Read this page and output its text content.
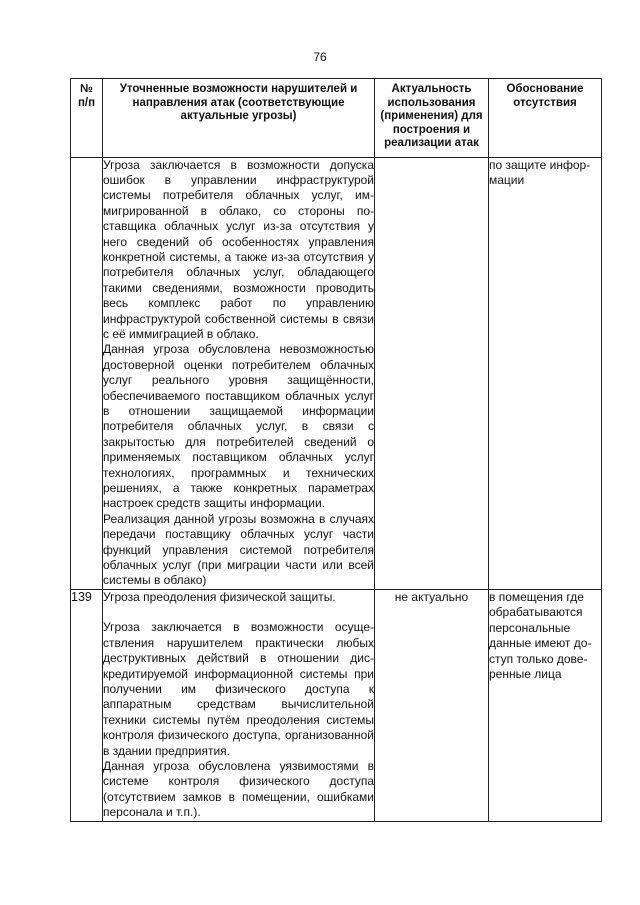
76
№ п/п	Уточненные возможности нарушителей и направления атак (соответствующие актуальные угрозы)	Актуальность использования (применения) для построения и реализации атак	Обоснование отсутствия

	Угроза заключается в возможности допуска ошибок в управлении инфраструктурой системы потребителя облачных услуг, иммигрированной в облако, со стороны поставщика облачных услуг из-за отсутствия у него сведений об особенностях управления конкретной системы, а также из-за отсутствия у потребителя облачных услуг, обладающего такими сведениями, возможности проводить весь комплекс работ по управлению инфраструктурой собственной системы в связи с её иммиграцией в облако.
Данная угроза обусловлена невозможностью достоверной оценки потребителем облачных услуг реального уровня защищённости, обеспечиваемого поставщиком облачных услуг в отношении защищаемой информации потребителя облачных услуг, в связи с закрытостью для потребителей сведений о применяемых поставщиком облачных услуг технологиях, программных и технических решениях, а также конкретных параметрах настроек средств защиты информации.
Реализация данной угрозы возможна в случаях передачи поставщику облачных услуг части функций управления системой потребителя облачных услуг (при миграции части или всей системы в облако)		по защите информации
139	Угроза преодоления физической защиты.
Угроза заключается в возможности осуществления нарушителем практически любых деструктивных действий в отношении дискредитируемой информационной системы при получении им физического доступа к аппаратным средствам вычислительной техники системы путём преодоления системы контроля физического доступа, организованной в здании предприятия.
Данная угроза обусловлена уязвимостями в системе контроля физического доступа (отсутствием замков в помещении, ошибками персонала и т.п.).	не актуально	в помещения где обрабатываются персональные данные имеют доступ только доверенные лица
